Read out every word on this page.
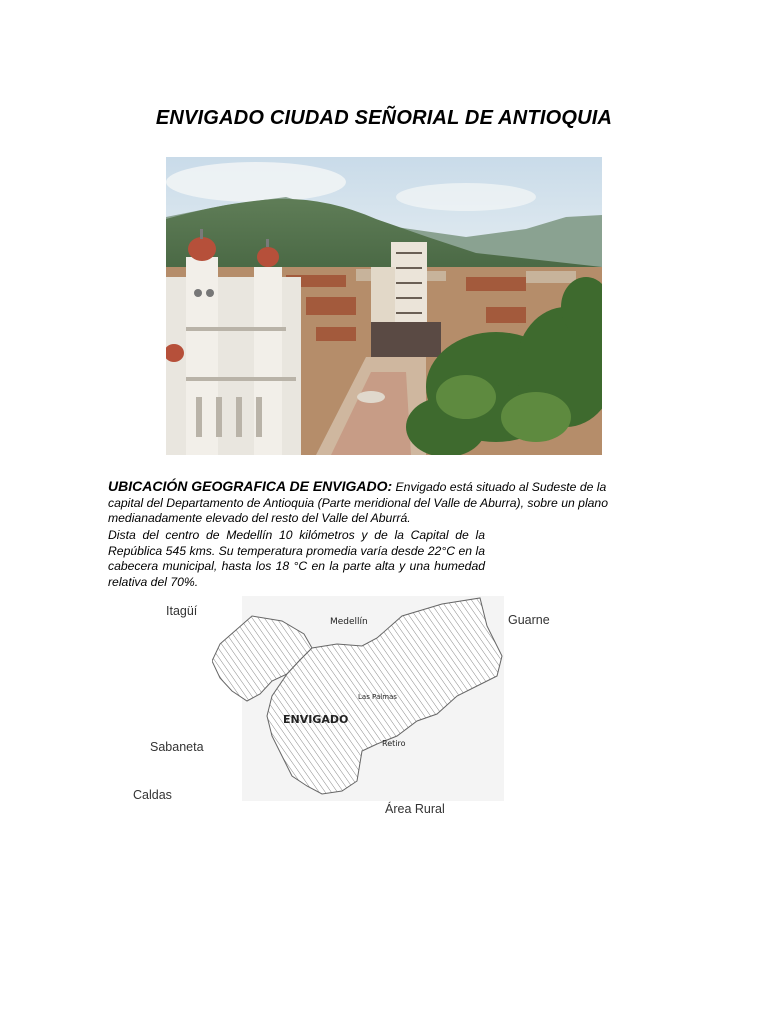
ENVIGADO CIUDAD SEÑORIAL DE ANTIOQUIA

UBICACIÓN GEOGRAFICA DE ENVIGADO: Envigado está situado al Sudeste de la capital del Departamento de Antioquia (Parte meridional del Valle de Aburra), sobre un plano medianadamente elevado del resto del Valle del Aburrá.

Dista del centro de Medellín 10 kilómetros y de la Capital de la República 545 kms. Su temperatura promedia varía desde 22°C en la cabecera municipal, hasta los 18 °C en la parte alta y una humedad relativa del 70%.
Medellín
Las Palmas
ENVIGADO
Retiro
Itagüí
Guarne
Sabaneta
Caldas
Área Rural
